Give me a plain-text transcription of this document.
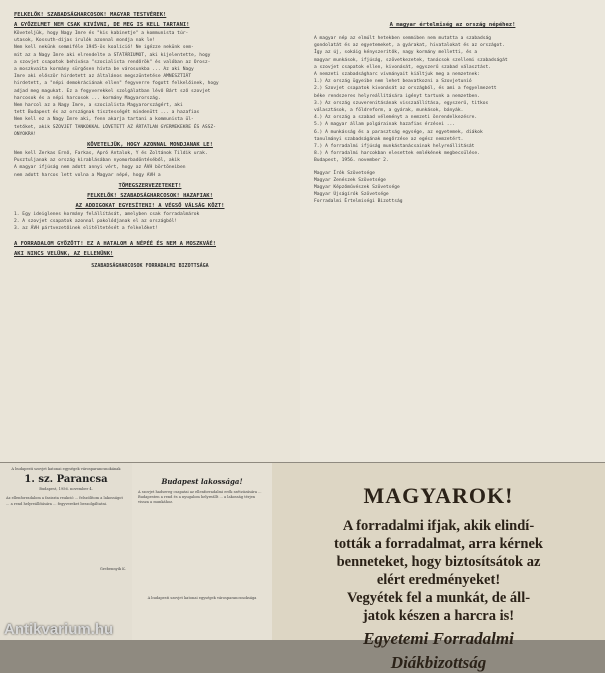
FELKELŐK! SZABADSÁGHARCOSOK! MAGYAR TESTVÉREK!
A GYŐZELMET NEM CSAK KIVÍVNI, DE MEG IS KELL TARTANI!
Követeljük, hogy Nagy Imre és "kis kabinetje" a kommunista túr-
utasok, Kossuth-díjas írulók azonnal mondja nak le!
Nem kell nekünk semmiféle 1945-ös koalíció! Ne igézze nekünk sem-
mit az a Nagy Imre aki elrendelte a STATÁRIUMOT, aki kijelentette, hogy
a szovjet csapatok behívása "szocialista rendőrök" és valóban az Orosz-
a moszkvaita kormány sürgősen hívta be városunkba ... Az aki Nagy
Imre aki először hirdetett az általános megszüntetése AMNESZTIÁT
hirdetett, a "népi demokráciának ellen" fegyverre fogott felkelőinek, hogy
adjad meg magukat. Ez a fegyverekkel szolgálatban lévő Bárt sző szovjet
harcosok és a népi harcosok ... kormány Magyarország.
Nem harcol az a Nagy Imre, a szocialista Magyarországért, aki
tett Budapest és az országnak tisztességét mindenütt ... a hazafias
Nem kell ez a Nagy Imre aki, fenn akarja tartani a kommunista ül-
tetőket, akik SZOVJET TANKOKKAL LÖVETETT AZ ÁRTATLAN GYERMEKEKRE ÉS ASSZ-
ONYOKRA!
KÖVETELJÜK, HOGY AZONNAL MONDJANAK LE!
Nem kell Zerkas Ernő, Farkas, Apró Antalok, Y és Zoltánok Tildik urak.
Pusztuljanak az ország kirablásában nyomorbadöntéséből, akik
A magyar ifjúság nem adott annyi vért, hogy az ÁVH börtöneiben
nem adott harcos lett volna a Magyar népé, hogy AVH a
TÖMEGSZERVEZETEKET!
FELKELŐK! SZABADSÁGHARCOSOK! HAZAFIAK!
AZ ADDIGOKAT EGYESÍTENI! A VÉGSŐ VÁLSÁG KÖZT!
1. Egy ideiglenes kormány felállítását, amelyben csak forradalmárok
2. A szovjet csapatok azonnal pakolódjanak el az országból!
3. az ÁVH pártvezetőinek elitéltetését a felkelőket!
A FORRADALOM GYŐZÖTT! EZ A HATALOM A NÉPÉÉ ÉS NEM A MOSZKVÁÉ!
AKI NINCS VELÜNK, AZ ELLENÜNK!
SZABADSÁGHARCOSOK FORRADALMI BIZOTTSÁGA
A magyar értelmiség az ország népéhez!
A magyar nép az elmúlt hetekben semmiben nem mutatta a szabadság
gondolatát és az egyetemeket, a gyárakat, hivatalokat és az országot.
Így az új, sokáig kényszerítők, nagy kormány melletti, és a
magyar munkások, ifjúság, szövetkezetek, tanácsok szellemi szabadságát
a szovjet csapatok ellen, kivonását, egyszerű szabad választást.
A nemzeti szabadságharc vívmányait kiáltjuk meg a nemzetnek:
1.) Az ország ügyeibe nem lehet beavatkozni a Szovjetunió
2.) Szovjet csapatok kivonását az országból, és ami a fegyelmezett
béke rendszeres helyreállítására igényt tartunk a nemzetben.
3.) Az ország szuverenitásának visszaállítása, egyszerű, titkos
választások, a földreform, a gyárak, munkások, bányák.
4.) Az ország a szabad véleményt a nemzeti önrendelkezésre.
5.) A magyar állam polgárainak hazafias érzései ...
6.) A munkásság és a parasztság egysége, az egyetemek, diákok
tanulmányi szabadságának megőrzése az egész nemzetért.
7.) A forradalmi ifjúság munkástanácsainak helyreállítását
8.) A forradalmi harcokban elesettek emlékének megbecsülése.
Budapest, 1956. november 2.
Magyar Írók Szövetsége
Magyar Zenészek Szövetsége
Magyar Képzőművészek Szövetsége
Magyar Újságírók Szövetsége
Forradalmi Értelmiségi Bizottság
A budapesti szovjet katonai egységek városparancsnokának
1. sz. Parancsa
Budapest, 1956. november 4.
Az ellenforradalom a fasiszta reakció ... felszólítom a lakosságot ... a rend helyreállítására ... fegyvereket beszolgáltatni.
Grebennyik K.
Budapest lakossága!
A szovjet hadsereg csapatai az ellenforradalmi erők szétzúzására ... Budapesten a rend és a nyugalom helyreállt ... a lakosság térjen vissza a munkához.
A budapesti szovjet katonai egységek városparancsnoksága
MAGYAROK!
A forradalmi ifjak, akik elindí-
tották a forradalmat, arra kérnek
benneteket, hogy biztosítsátok az
elért eredményeket!
Vegyétek fel a munkát, de áll-
jatok készen a harcra is!
Egyetemi Forradalmi
Diákbizottság
Antikvarium.hu
